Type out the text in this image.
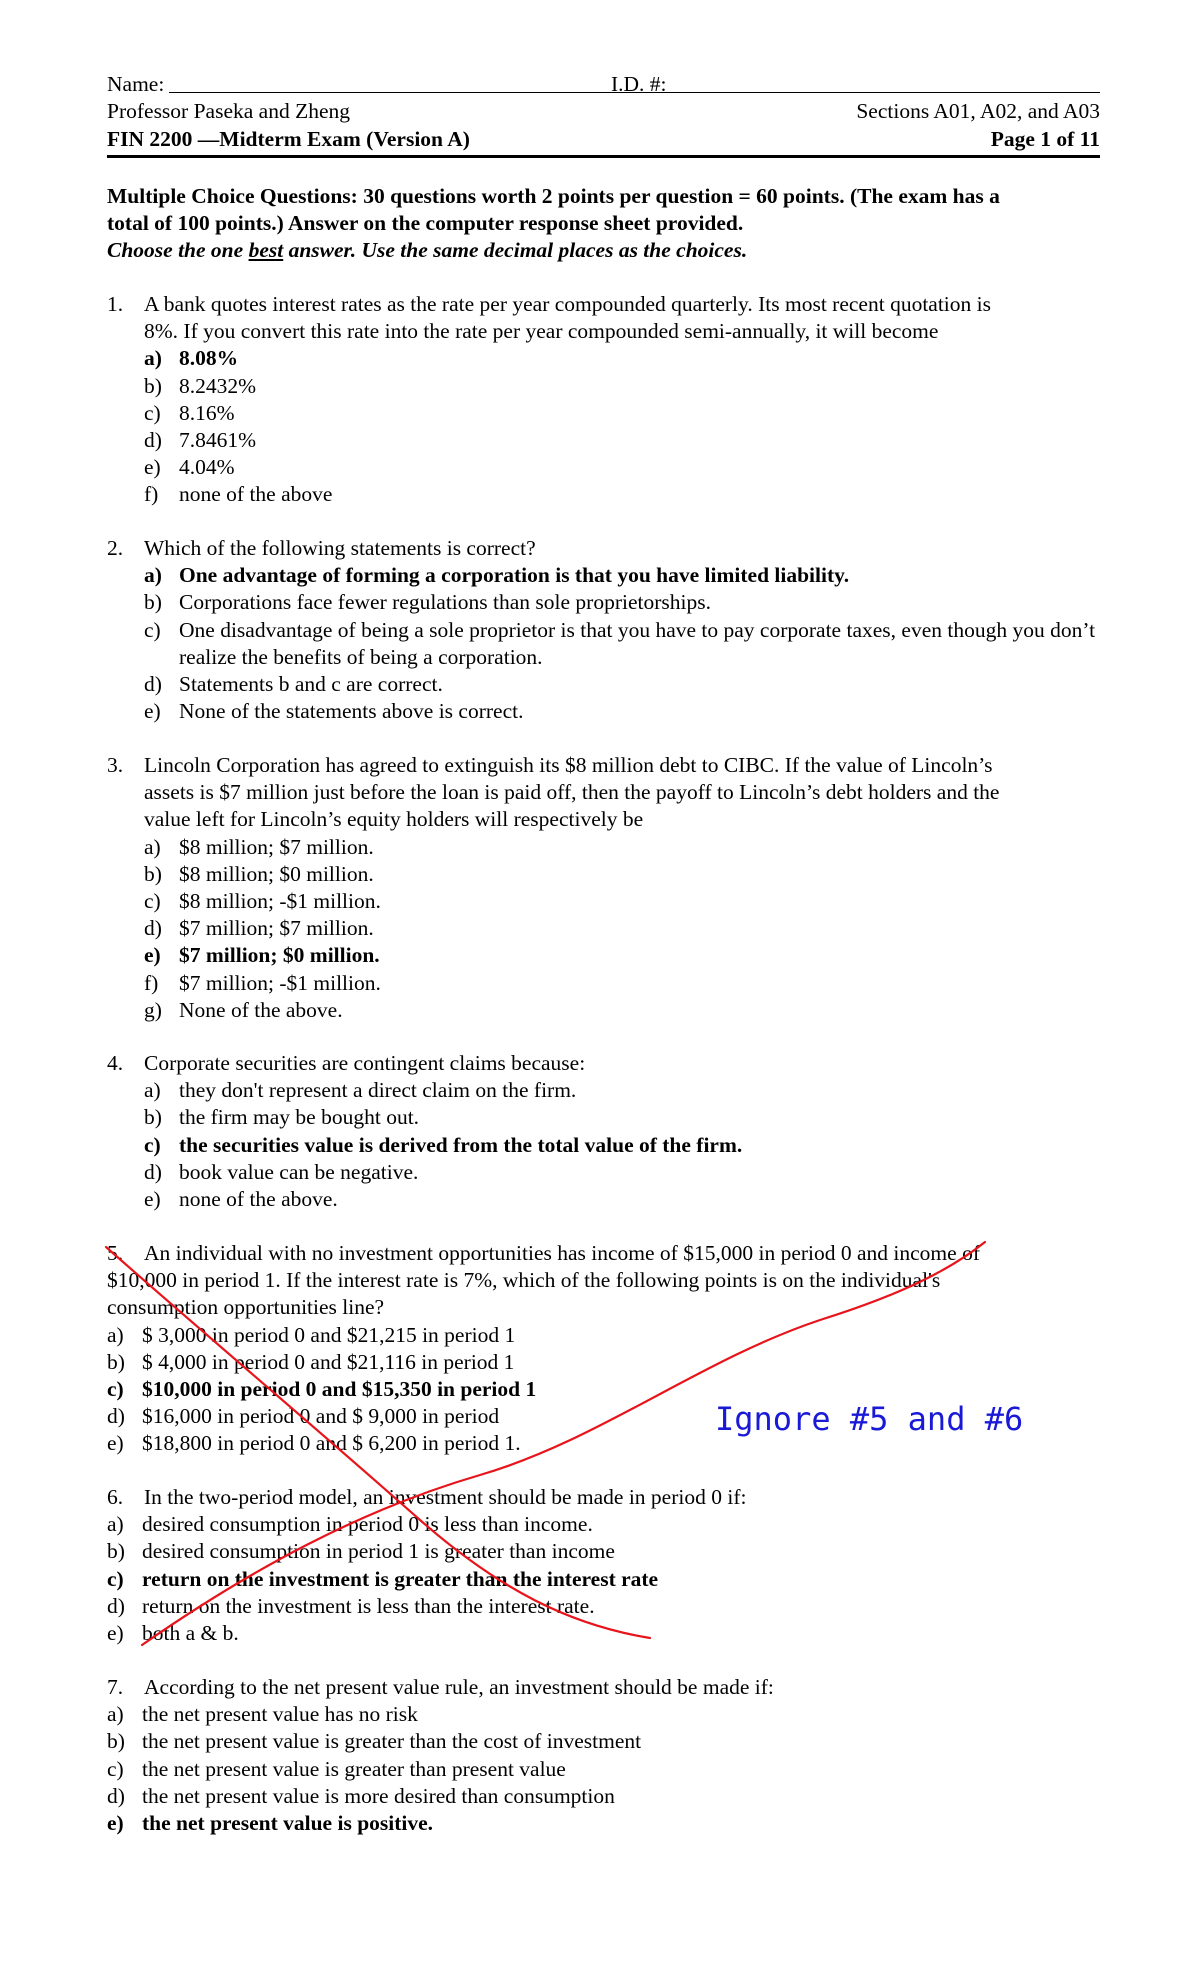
Name:	I.D. #:
Professor Paseka and Zheng	Sections A01, A02, and A03
FIN 2200 —Midterm Exam (Version A)	Page 1 of 11
Multiple Choice Questions: 30 questions worth 2 points per question = 60 points. (The exam has a
total of 100 points.) Answer on the computer response sheet provided.
Choose the one best answer. Use the same decimal places as the choices.
1. A bank quotes interest rates as the rate per year compounded quarterly. Its most recent quotation is
8%. If you convert this rate into the rate per year compounded semi-annually, it will become
a) 8.08%
b) 8.2432%
c) 8.16%
d) 7.8461%
e) 4.04%
f) none of the above
2. Which of the following statements is correct?
a) One advantage of forming a corporation is that you have limited liability.
b) Corporations face fewer regulations than sole proprietorships.
c) One disadvantage of being a sole proprietor is that you have to pay corporate taxes, even though you don’t realize the benefits of being a corporation.
d) Statements b and c are correct.
e) None of the statements above is correct.
3. Lincoln Corporation has agreed to extinguish its $8 million debt to CIBC. If the value of Lincoln’s
assets is $7 million just before the loan is paid off, then the payoff to Lincoln’s debt holders and the
value left for Lincoln’s equity holders will respectively be
a) $8 million; $7 million.
b) $8 million; $0 million.
c) $8 million; -$1 million.
d) $7 million; $7 million.
e) $7 million; $0 million.
f) $7 million; -$1 million.
g) None of the above.
4. Corporate securities are contingent claims because:
a) they don't represent a direct claim on the firm.
b) the firm may be bought out.
c) the securities value is derived from the total value of the firm.
d) book value can be negative.
e) none of the above.
5. An individual with no investment opportunities has income of $15,000 in period 0 and income of
$10,000 in period 1. If the interest rate is 7%, which of the following points is on the individual's
consumption opportunities line?
a) $ 3,000 in period 0 and $21,215 in period 1
b) $ 4,000 in period 0 and $21,116 in period 1
c) $10,000 in period 0 and $15,350 in period 1
d) $16,000 in period 0 and $ 9,000 in period
e) $18,800 in period 0 and $ 6,200 in period 1.
6. In the two-period model, an investment should be made in period 0 if:
a) desired consumption in period 0 is less than income.
b) desired consumption in period 1 is greater than income
c) return on the investment is greater than the interest rate
d) return on the investment is less than the interest rate.
e) both a & b.
7. According to the net present value rule, an investment should be made if:
a) the net present value has no risk
b) the net present value is greater than the cost of investment
c) the net present value is greater than present value
d) the net present value is more desired than consumption
e) the net present value is positive.
Ignore #5 and #6
